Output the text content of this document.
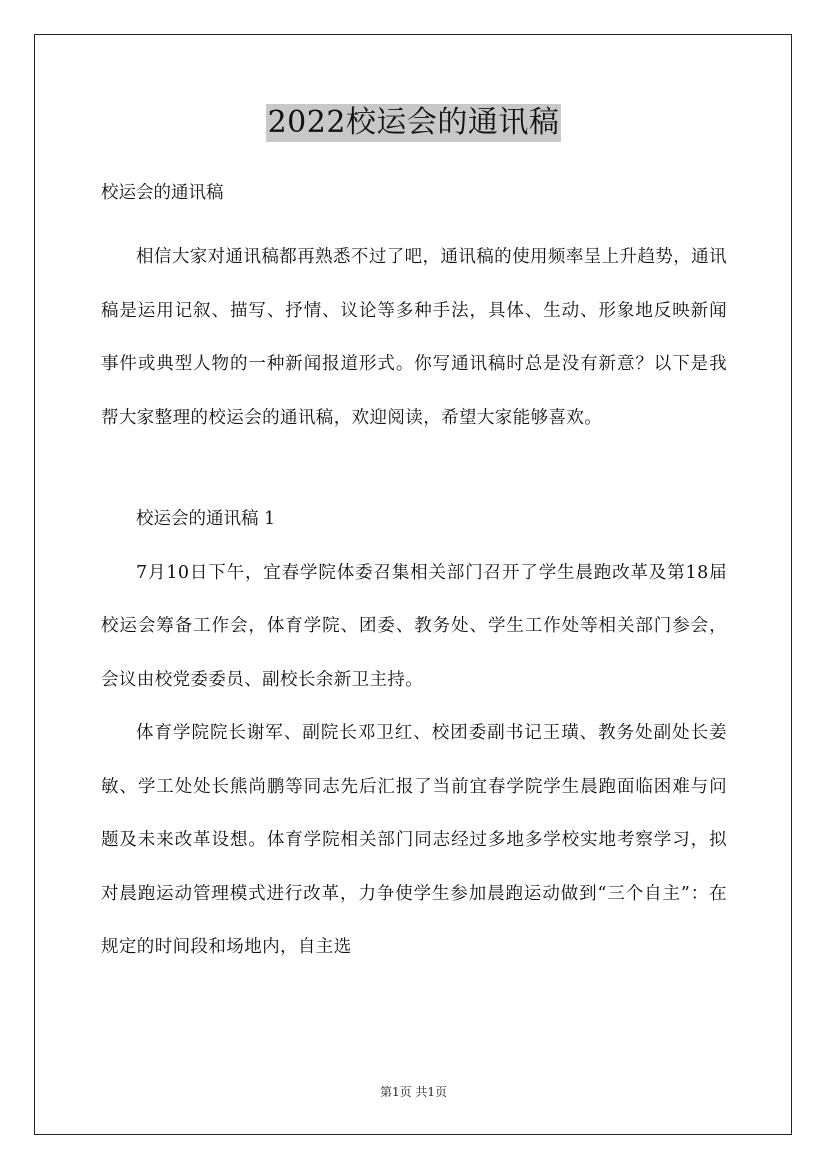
2022校运会的通讯稿

校运会的通讯稿

相信大家对通讯稿都再熟悉不过了吧，通讯稿的使用频率呈上升趋势，通讯稿是运用记叙、描写、抒情、议论等多种手法，具体、生动、形象地反映新闻事件或典型人物的一种新闻报道形式。你写通讯稿时总是没有新意？以下是我帮大家整理的校运会的通讯稿，欢迎阅读，希望大家能够喜欢。

校运会的通讯稿 1

7月10日下午，宜春学院体委召集相关部门召开了学生晨跑改革及第18届校运会筹备工作会，体育学院、团委、教务处、学生工作处等相关部门参会，会议由校党委委员、副校长余新卫主持。

体育学院院长谢军、副院长邓卫红、校团委副书记王璜、教务处副处长姜敏、学工处处长熊尚鹏等同志先后汇报了当前宜春学院学生晨跑面临困难与问题及未来改革设想。体育学院相关部门同志经过多地多学校实地考察学习，拟对晨跑运动管理模式进行改革，力争使学生参加晨跑运动做到“三个自主”：在规定的时间段和场地内，自主选

第1页 共1页
